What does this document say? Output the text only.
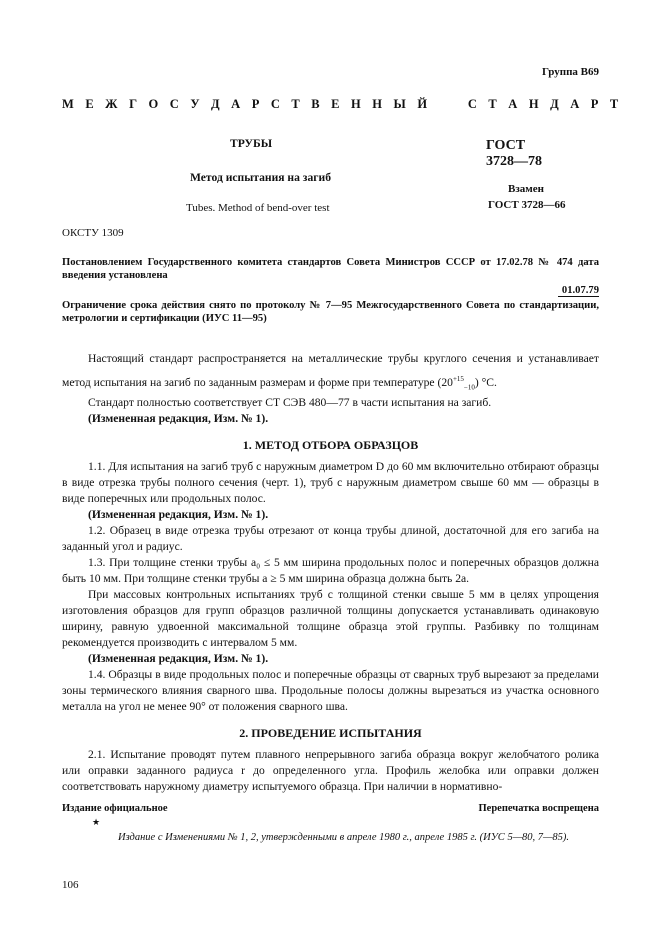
Группа В69
М Е Ж Г О С У Д А Р С Т В Е Н Н Ы Й     С Т А Н Д А Р Т
ТРУБЫ
Метод испытания на загиб
Tubes. Method of bend-over test
ГОСТ
3728—78
Взамен
ГОСТ 3728—66
ОКСТУ 1309
Постановлением Государственного комитета стандартов Совета Министров СССР от 17.02.78 № 474 дата введения установлена
01.07.79
Ограничение срока действия снято по протоколу № 7—95 Межгосударственного Совета по стандартизации, метрологии и сертификации (ИУС 11—95)

Настоящий стандарт распространяется на металлические трубы круглого сечения и устанавливает метод испытания на загиб по заданным размерам и форме при температуре $(20^{+15}_{-10})$ °С.

Стандарт полностью соответствует СТ СЭВ 480—77 в части испытания на загиб.

(Измененная редакция, Изм. № 1).

1. МЕТОД ОТБОРА ОБРАЗЦОВ

1.1. Для испытания на загиб труб с наружным диаметром D до 60 мм включительно отбирают образцы в виде отрезка трубы полного сечения (черт. 1), труб с наружным диаметром свыше 60 мм — образцы в виде поперечных или продольных полос.

(Измененная редакция, Изм. № 1).

1.2. Образец в виде отрезка трубы отрезают от конца трубы длиной, достаточной для его загиба на заданный угол и радиус.

1.3. При толщине стенки трубы a₀ ≤ 5 мм ширина продольных полос и поперечных образцов должна быть 10 мм. При толщине стенки трубы a ≥ 5 мм ширина образца должна быть 2a.

При массовых контрольных испытаниях труб с толщиной стенки свыше 5 мм в целях упрощения изготовления образцов для групп образцов различной толщины допускается устанавливать одинаковую ширину, равную удвоенной максимальной толщине образца этой группы. Разбивку по толщинам рекомендуется производить с интервалом 5 мм.

(Измененная редакция, Изм. № 1).

1.4. Образцы в виде продольных полос и поперечные образцы от сварных труб вырезают за пределами зоны термического влияния сварного шва. Продольные полосы должны вырезаться из участка основного металла на угол не менее 90° от положения сварного шва.

2. ПРОВЕДЕНИЕ ИСПЫТАНИЯ

2.1. Испытание проводят путем плавного непрерывного загиба образца вокруг желобчатого ролика или оправки заданного радиуса r до определенного угла. Профиль желобка или оправки должен соответствовать наружному диаметру испытуемого образца. При наличии в нормативно-

Издание официальное	Перепечатка воспрещена
★
Издание с Изменениями № 1, 2, утвержденными в апреле 1980 г., апреле 1985 г. (ИУС 5—80, 7—85).
106
